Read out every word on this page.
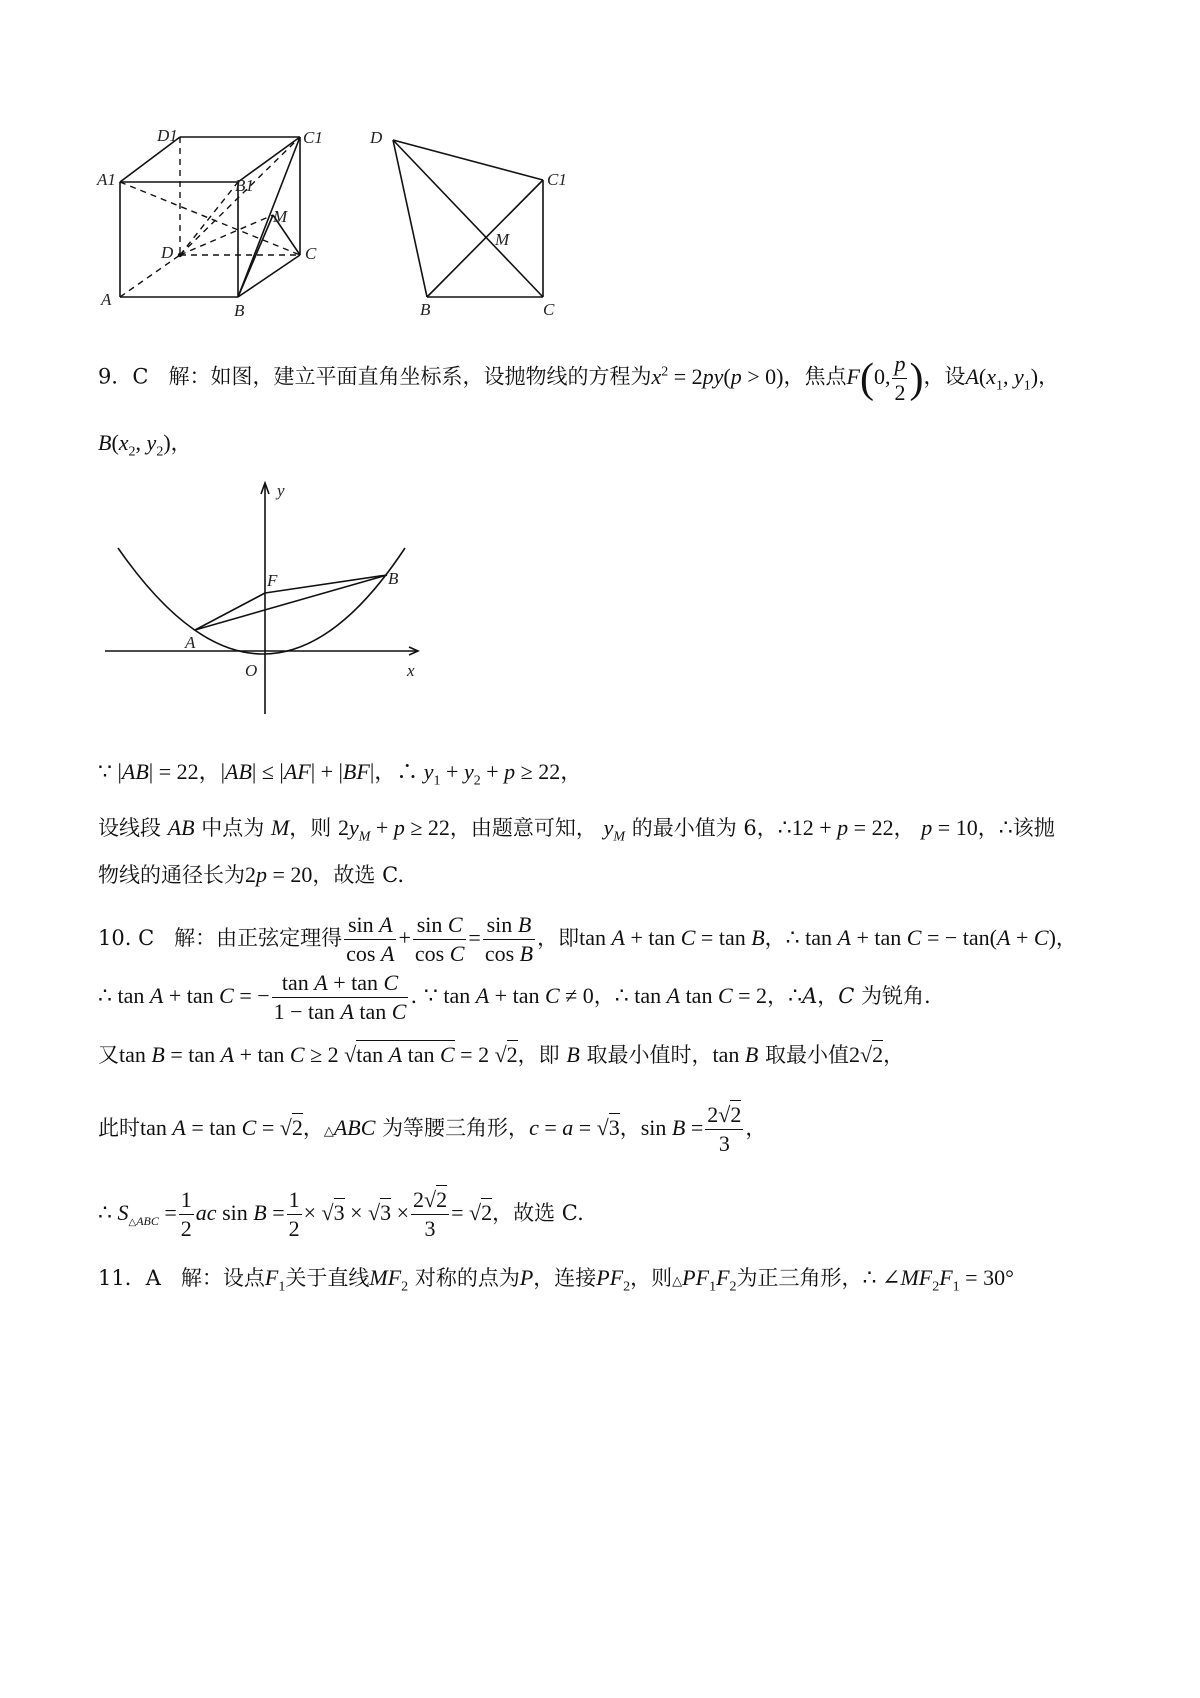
D1	C1
A1	B1
M
D	C
A
B
D
C1
M
B	C
9．C 解：如图，建立平面直角坐标系，设抛物线的方程为$x^2 = 2py(p > 0)$，焦点F(0, $\frac{p}{2}$ )，设$A(x_1$, $y_1$)，
$B(x_2$, $y_2$)，
y
F	B
A
O	x
∵ |AB| = 22，|AB| ≤ |AF| + |BF|，∴ $y_1 + y_2 + p \ge 22$，
设线段 AB 中点为 M，则 $2y_M + p \ge 22$，由题意可知， $y_M$ 的最小值为 6，∴12 + p = 22， p = 10，∴该抛
物线的通径长为2p = 20，故选 C.
10. C 解：由正弦定理得 $\frac{\text{sin A}}{\text{cos A}} + \frac{\text{sin C}}{\text{cos C}} = \frac{\text{sin B}}{\text{cos B}}$ ，即tan A + tan C = tan B，∴ tan A + tan C = − tan(A + C)，
∴ tan A + tan C = − $\frac{\text{tan A + tan C}}{\text{1 − tan A tan C}}$ . ∵ tan A + tan C ≠ 0，∴ tan A tan C = 2，∴A，C 为锐角.
又tan B = tan A + tan C ≥ 2 √tan A tan C = 2 √2，即 B 取最小值时，tan B 取最小值2√2，
此时tan A = tan C = √2，△ABC 为等腰三角形，c = a = √3，$\sin B = \frac{2√2}{3}$ ，
∴ $S_{\triangle ABC} = \frac{1}{2}$ ac $\sin B = \frac{1}{2} \times √3 \times √3 \times \frac{2√2}{3} = √2$，故选 C.
11．A 解：设点$F_1$关于直线$MF_2$ 对称的点为P，连接$PF_2$，则$\triangle PF_1F_2$为正三角形，∴ $\angle MF_2F_1 = 30^\circ$
